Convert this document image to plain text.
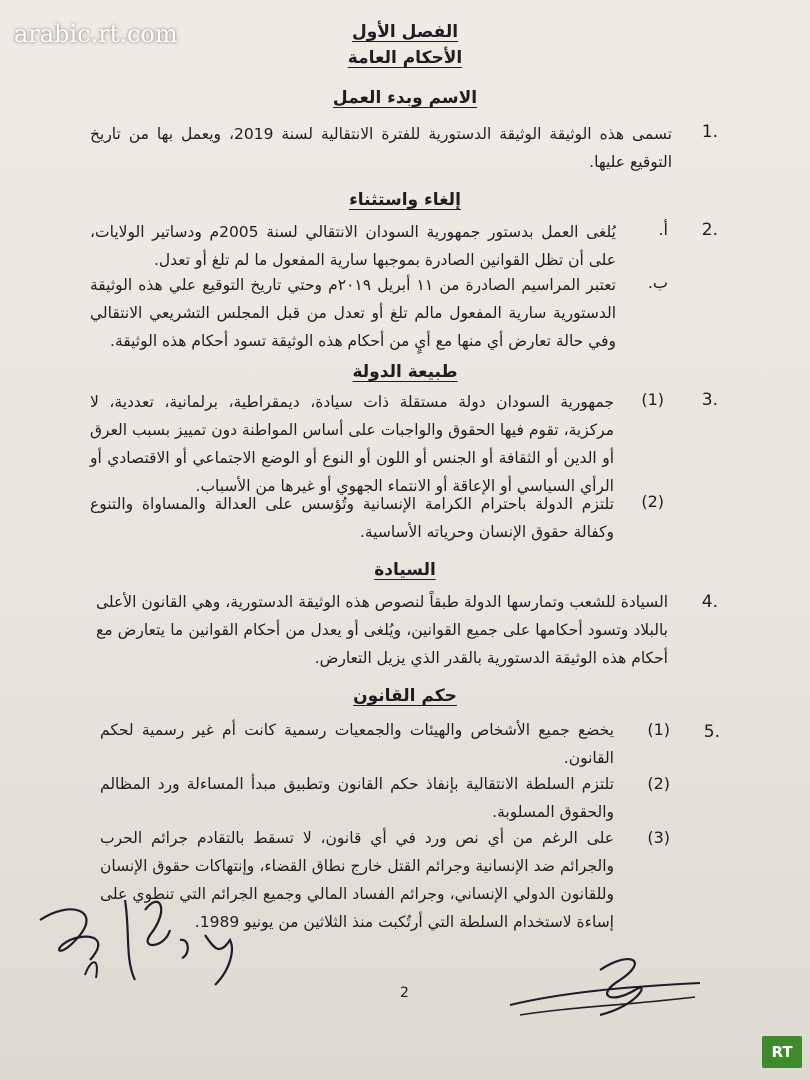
arabic.rt.com	الفصل الأول
الأحكام العامة
الاسم وبدء العمل
1.
تسمى هذه الوثيقة الوثيقة الدستورية للفترة الانتقالية لسنة 2019، ويعمل بها من تاريخ التوقيع عليها.
إلغاء واستثناء
2.
أ.
يُلغى العمل بدستور جمهورية السودان الانتقالي لسنة 2005م ودساتير الولايات، على أن تظل القوانين الصادرة بموجبها سارية المفعول ما لم تلغ أو تعدل.
ب.
تعتبر المراسيم الصادرة من ١١ أبريل ٢٠١٩م وحتي تاريخ التوقيع علي هذه الوثيقة الدستورية سارية المفعول مالم تلغ أو تعدل من قبل المجلس التشريعي الانتقالي وفي حالة تعارض أي منها مع أيٍ من أحكام هذه الوثيقة تسود أحكام هذه الوثيقة.
طبيعة الدولة
3.
(1)
جمهورية السودان دولة مستقلة ذات سيادة، ديمقراطية، برلمانية، تعددية، لا مركزية، تقوم فيها الحقوق والواجبات على أساس المواطنة دون تمييز بسبب العرق أو الدين أو الثقافة أو الجنس أو اللون أو النوع أو الوضع الاجتماعي أو الاقتصادي أو الرأي السياسي أو الإعاقة أو الانتماء الجهوي أو غيرها من الأسباب.
(2)
تلتزم الدولة باحترام الكرامة الإنسانية وتُؤسس على العدالة والمساواة والتنوع وكفالة حقوق الإنسان وحرياته الأساسية.
السيادة
4.
السيادة للشعب وتمارسها الدولة طبقاً لنصوص هذه الوثيقة الدستورية، وهي القانون الأعلى بالبلاد وتسود أحكامها على جميع القوانين، ويُلغى أو يعدل من أحكام القوانين ما يتعارض مع أحكام هذه الوثيقة الدستورية بالقدر الذي يزيل التعارض.
حكم القانون
5.
(1)
يخضع جميع الأشخاص والهيئات والجمعيات رسمية كانت أم غير رسمية لحكم القانون.
(2)
تلتزم السلطة الانتقالية بإنفاذ حكم القانون وتطبيق مبدأ المساءلة ورد المظالم والحقوق المسلوبة.
(3)
على الرغم من أي نص ورد في أي قانون، لا تسقط بالتقادم جرائم الحرب والجرائم ضد الإنسانية وجرائم القتل خارج نطاق القضاء، وإنتهاكات حقوق الإنسان وللقانون الدولي الإنساني، وجرائم الفساد المالي وجميع الجرائم التي تنطوي على إساءة لاستخدام السلطة التي أرتُكبت منذ الثلاثين من يونيو 1989.
2
RT
